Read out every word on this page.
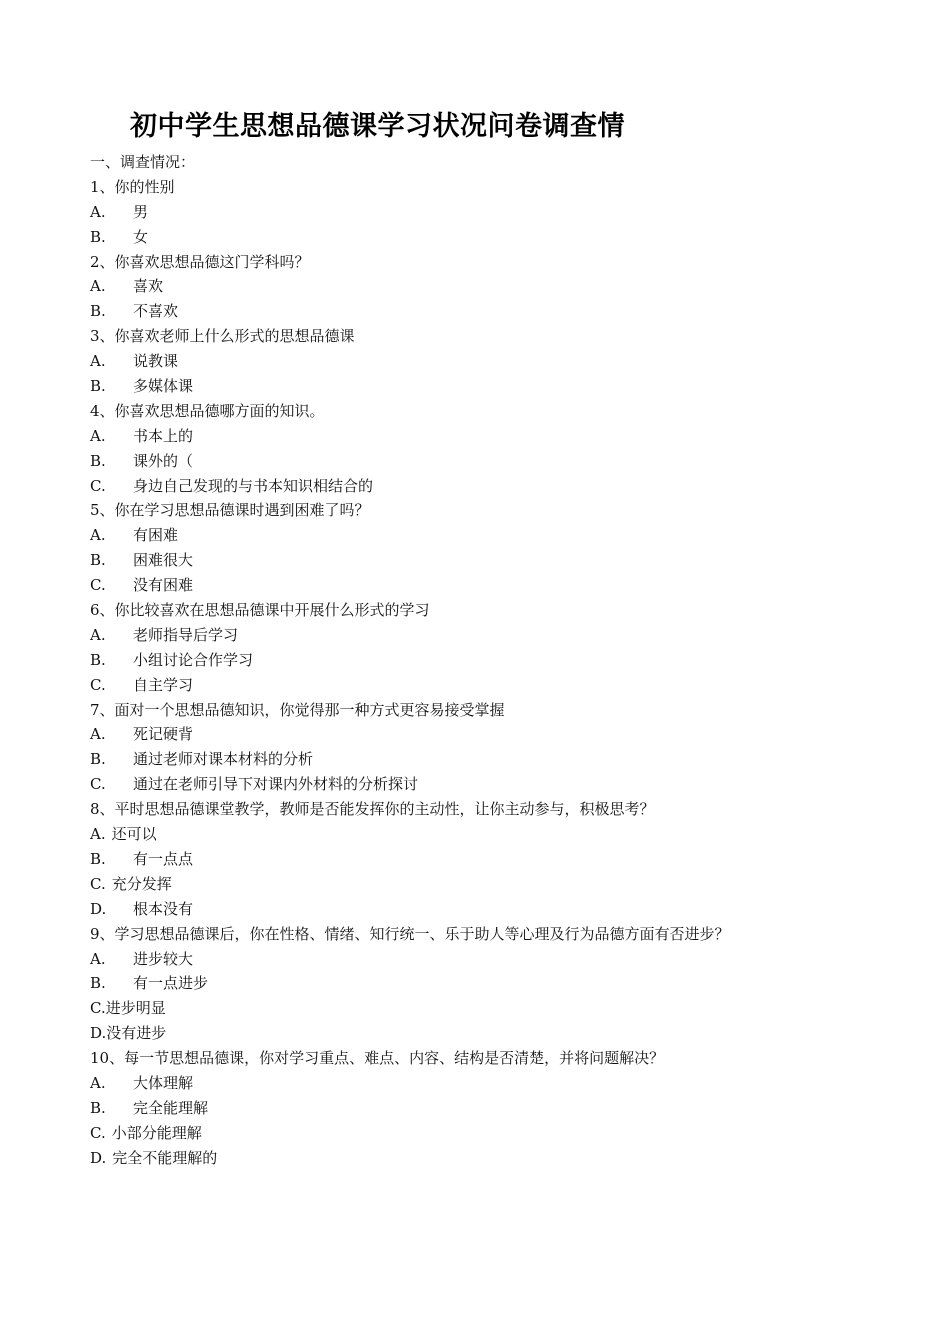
初中学生思想品德课学习状况问卷调查情
一、调查情况：
1、你的性别
A. 男
B. 女
2、你喜欢思想品德这门学科吗？
A. 喜欢
B. 不喜欢
3、你喜欢老师上什么形式的思想品德课
A. 说教课
B. 多媒体课
4、你喜欢思想品德哪方面的知识。
A. 书本上的
B. 课外的（
C. 身边自己发现的与书本知识相结合的
5、你在学习思想品德课时遇到困难了吗？
A. 有困难
B. 困难很大
C. 没有困难
6、你比较喜欢在思想品德课中开展什么形式的学习
A. 老师指导后学习
B. 小组讨论合作学习
C. 自主学习
7、面对一个思想品德知识，你觉得那一种方式更容易接受掌握
A. 死记硬背
B. 通过老师对课本材料的分析
C. 通过在老师引导下对课内外材料的分析探讨
8、平时思想品德课堂教学，教师是否能发挥你的主动性，让你主动参与，积极思考？
A. 还可以
B. 有一点点
C. 充分发挥
D. 根本没有
9、学习思想品德课后，你在性格、情绪、知行统一、乐于助人等心理及行为品德方面有否进步？
A. 进步较大
B. 有一点进步
C.进步明显
D.没有进步
10、每一节思想品德课，你对学习重点、难点、内容、结构是否清楚，并将问题解决？
A. 大体理解
B. 完全能理解
C. 小部分能理解
D. 完全不能理解的
